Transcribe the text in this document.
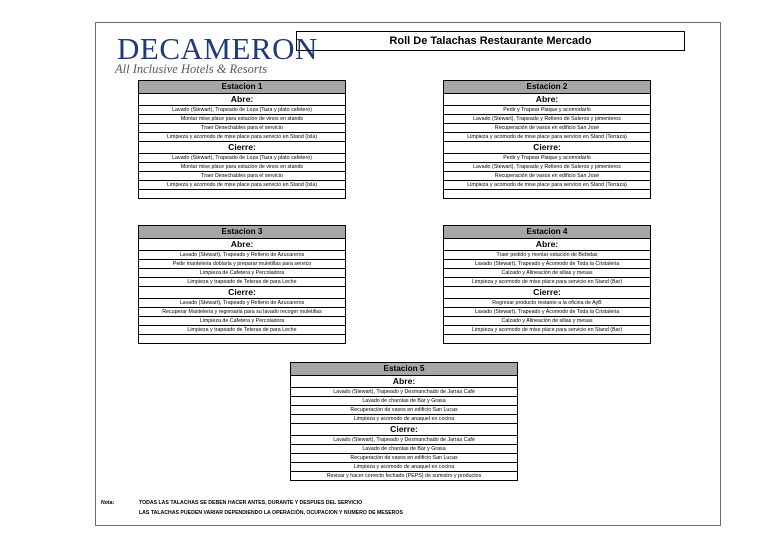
DECAMERON
All Inclusive Hotels & Resorts
Roll De Talachas Restaurante Mercado
Estacion 1
Abre:
Lavado (Stewart), Trapeado de Loza (Taza y plato cafetero)
Montar mise place para estacion de vinos en stands
Traer Desechables para el servicio
Limpieza y acomodo de mise place para servicio en Stand (Isla)
Cierre:
Lavado (Stewart), Trapeado de Loza (Taza y plato cafetero)
Montar mise place para estacion de vinos en stands
Traer Desechables para el servicio
Limpieza y acomodo de mise place para servicio en Stand (Isla)
Estacion 2
Abre:
Pedir y Trapear Plaque y acomodarlo
Lavado (Stewart), Trapeado y Relleno de Saleros y pimenteros
Recuperación de vasos en edificio San José
Limpieza y acomodo de mise place para servicio en Stand (Terraza)
Cierre:
Pedir y Trapear Plaque y acomodarlo
Lavado (Stewart), Trapeado y Relleno de Saleros y pimenteros
Recuperación de vasos en edificio San José
Limpieza y acomodo de mise place para servicio en Stand (Terraza)
Estacion 3
Abre:
Lavado (Stewart), Trapeado y Relleno de Azucareros
Pedir manteleria doblarla y preparar muletillas para servico
Limpieza de Cafetera y Percoladora
Limpieza y trapeado de Teteras de para Leche
Cierre:
Lavado (Stewart), Trapeado y Relleno de Azucareros
Recuperar Manteleria y regresarla para su lavado recoger muletillas
Limpieza de Cafetera y Percoladora
Limpieza y trapeado de Teteras de para Leche
Estacion 4
Abre:
Traer pedido y montar estación de Bebidas
Lavado (Stewart), Trapeado y Acomodo de Toda la Cristaleria
Calzado y Alineación de sillas y mesas
Limpieza y acomodo de mise place para servicio en Stand (Bar)
Cierre:
Regresar producto restante a la oficina de AyB
Lavado (Stewart), Trapeado y Acomodo de Toda la Cristaleria
Calzado y Alineación de sillas y mesas
Limpieza y acomodo de mise place para servicio en Stand (Bar)
Estacion 5
Abre:
Lavado (Stewart), Trapeado y Desmanchado de Jarras Café
Lavado de charolas de Bar y Grasa
Recuperación de vasos en edificio San Lucas
Limpieza y acomodo de anaquel en cocina
Cierre:
Lavado (Stewart), Trapeado y Desmanchado de Jarras Café
Lavado de charolas de Bar y Grasa
Recuperación de vasos en edificio San Lucas
Limpieza y acomodo de anaquel en cocina
Revisar y hacer correcto fechado (PEPS) de sumistro y productos
Nota:	TODAS LAS TALACHAS SE DEBEN HACER ANTES, DURANTE Y DESPUES DEL SERVICIO
LAS TALACHAS PUEDEN VARIAR DEPENDIENDO LA OPERACIÓN, OCUPACION Y NUMERO DE MESEROS
